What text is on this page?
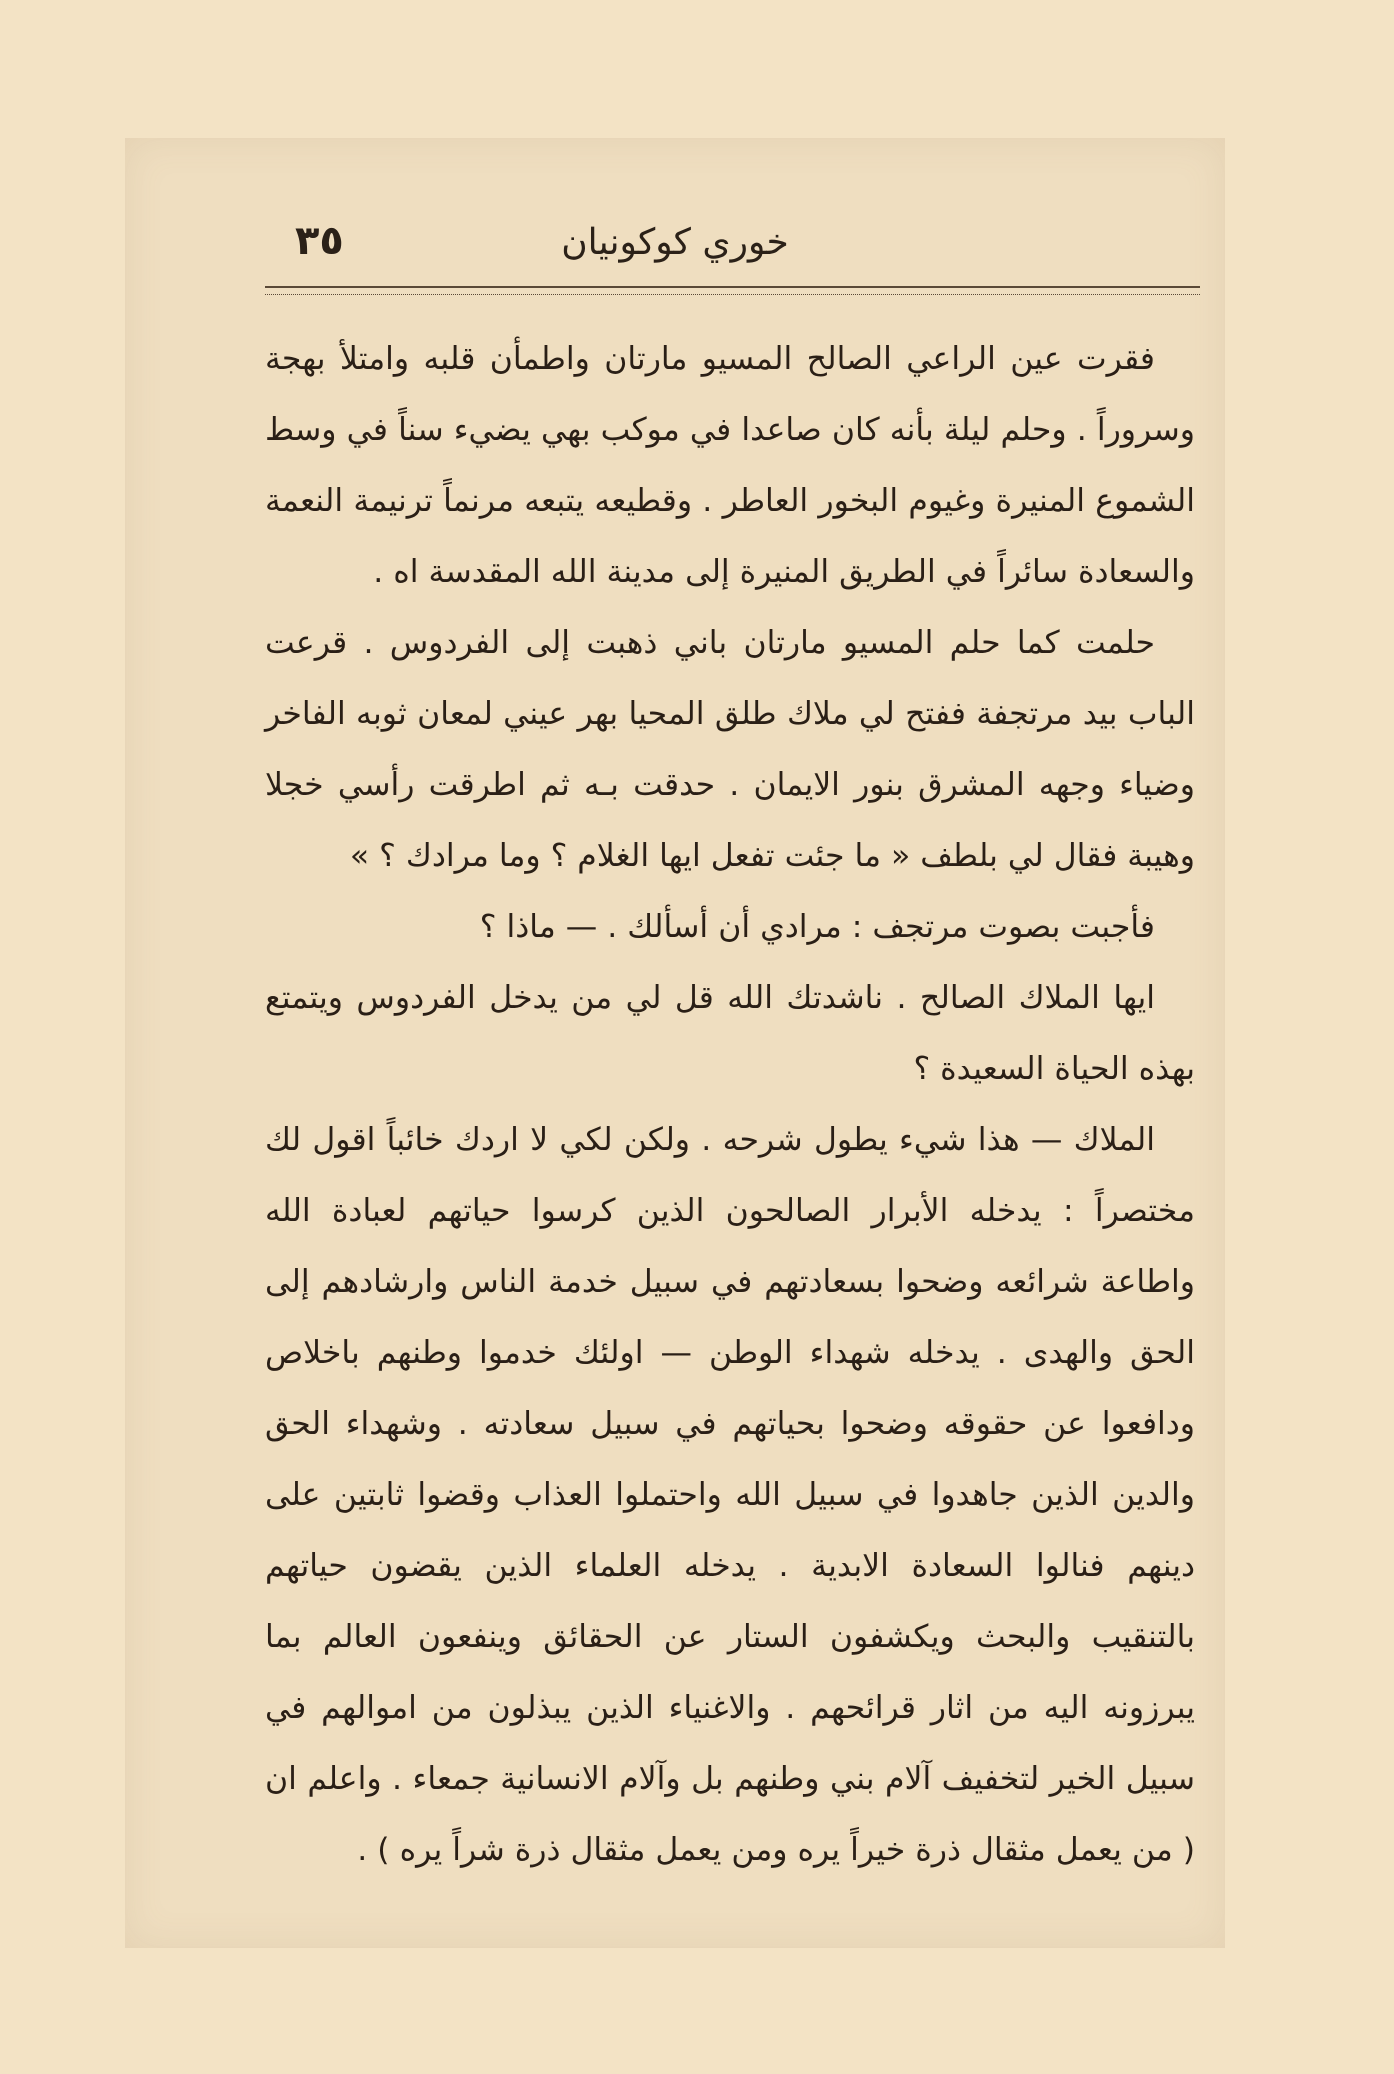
٣٥	خوري كوكونيان

فقرت عين الراعي الصالح المسيو مارتان واطمأن قلبه وامتلأ بهجة وسروراً . وحلم ليلة بأنه كان صاعدا في موكب بهي يضيء سناً في وسط الشموع المنيرة وغيوم البخور العاطر . وقطيعه يتبعه مرنماً ترنيمة النعمة والسعادة سائراً في الطريق المنيرة إلى مدينة الله المقدسة اه .

حلمت كما حلم المسيو مارتان باني ذهبت إلى الفردوس . قرعت الباب بيد مرتجفة ففتح لي ملاك طلق المحيا بهر عيني لمعان ثوبه الفاخر وضياء وجهه المشرق بنور الايمان . حدقت بـه ثم اطرقت رأسي خجلا وهيبة فقال لي بلطف « ما جئت تفعل ايها الغلام ؟ وما مرادك ؟ »

فأجبت بصوت مرتجف : مرادي أن أسألك . — ماذا ؟

ايها الملاك الصالح . ناشدتك الله قل لي من يدخل الفردوس ويتمتع بهذه الحياة السعيدة ؟

الملاك — هذا شيء يطول شرحه . ولكن لكي لا اردك خائباً اقول لك مختصراً : يدخله الأبرار الصالحون الذين كرسوا حياتهم لعبادة الله واطاعة شرائعه وضحوا بسعادتهم في سبيل خدمة الناس وارشادهم إلى الحق والهدى . يدخله شهداء الوطن — اولئك خدموا وطنهم باخلاص ودافعوا عن حقوقه وضحوا بحياتهم في سبيل سعادته . وشهداء الحق والدين الذين جاهدوا في سبيل الله واحتملوا العذاب وقضوا ثابتين على دينهم فنالوا السعادة الابدية . يدخله العلماء الذين يقضون حياتهم بالتنقيب والبحث ويكشفون الستار عن الحقائق وينفعون العالم بما يبرزونه اليه من اثار قرائحهم . والاغنياء الذين يبذلون من اموالهم في سبيل الخير لتخفيف آلام بني وطنهم بل وآلام الانسانية جمعاء . واعلم ان ( من يعمل مثقال ذرة خيراً يره ومن يعمل مثقال ذرة شراً يره ) .
